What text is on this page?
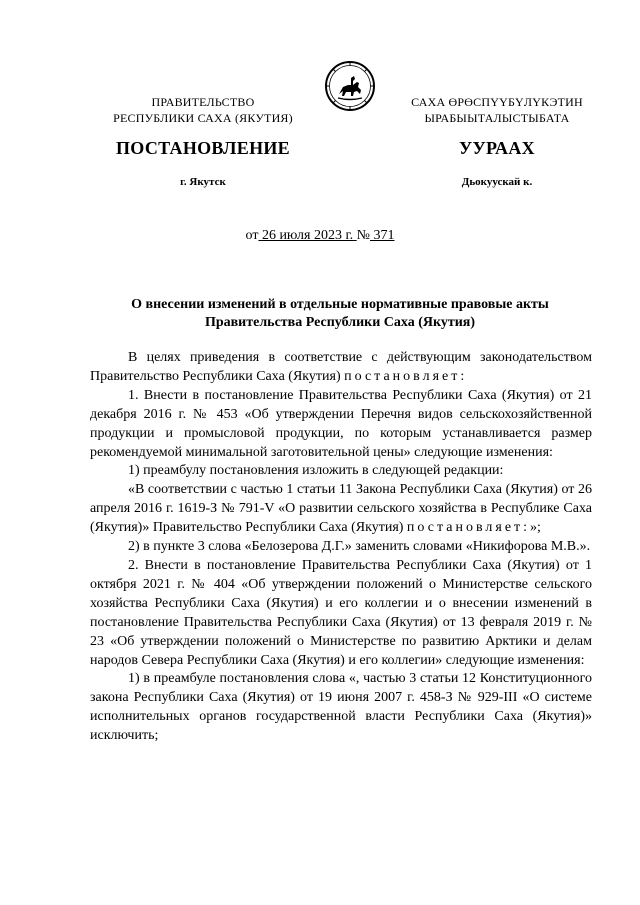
ПРАВИТЕЛЬСТВО
РЕСПУБЛИКИ САХА (ЯКУТИЯ)
САХА ӨРӨСПҮҮБҮЛҮКЭТИН
ЫРАБЫЫТАЛЫСТЫБАТА
ПОСТАНОВЛЕНИЕ	УУРААХ
г. Якутск	Дьокуускай к.
от 26 июля 2023 г. № 371
О внесении изменений в отдельные нормативные правовые акты
Правительства Республики Саха (Якутия)

В целях приведения в соответствие с действующим законодательством Правительство Республики Саха (Якутия) постановляет:

1. Внести в постановление Правительства Республики Саха (Якутия) от 21 декабря 2016 г. № 453 «Об утверждении Перечня видов сельскохозяйственной продукции и промысловой продукции, по которым устанавливается размер рекомендуемой минимальной заготовительной цены» следующие изменения:

1) преамбулу постановления изложить в следующей редакции:

«В соответствии с частью 1 статьи 11 Закона Республики Саха (Якутия) от 26 апреля 2016 г. 1619-З № 791-V «О развитии сельского хозяйства в Республике Саха (Якутия)» Правительство Республики Саха (Якутия) постановляет:»;

2) в пункте 3 слова «Белозерова Д.Г.» заменить словами «Никифорова М.В.».

2. Внести в постановление Правительства Республики Саха (Якутия) от 1 октября 2021 г. № 404 «Об утверждении положений о Министерстве сельского хозяйства Республики Саха (Якутия) и его коллегии и о внесении изменений в постановление Правительства Республики Саха (Якутия) от 13 февраля 2019 г. № 23 «Об утверждении положений о Министерстве по развитию Арктики и делам народов Севера Республики Саха (Якутия) и его коллегии» следующие изменения:

1) в преамбуле постановления слова «, частью 3 статьи 12 Конституционного закона Республики Саха (Якутия) от 19 июня 2007 г. 458-З № 929-III «О системе исполнительных органов государственной власти Республики Саха (Якутия)» исключить;
